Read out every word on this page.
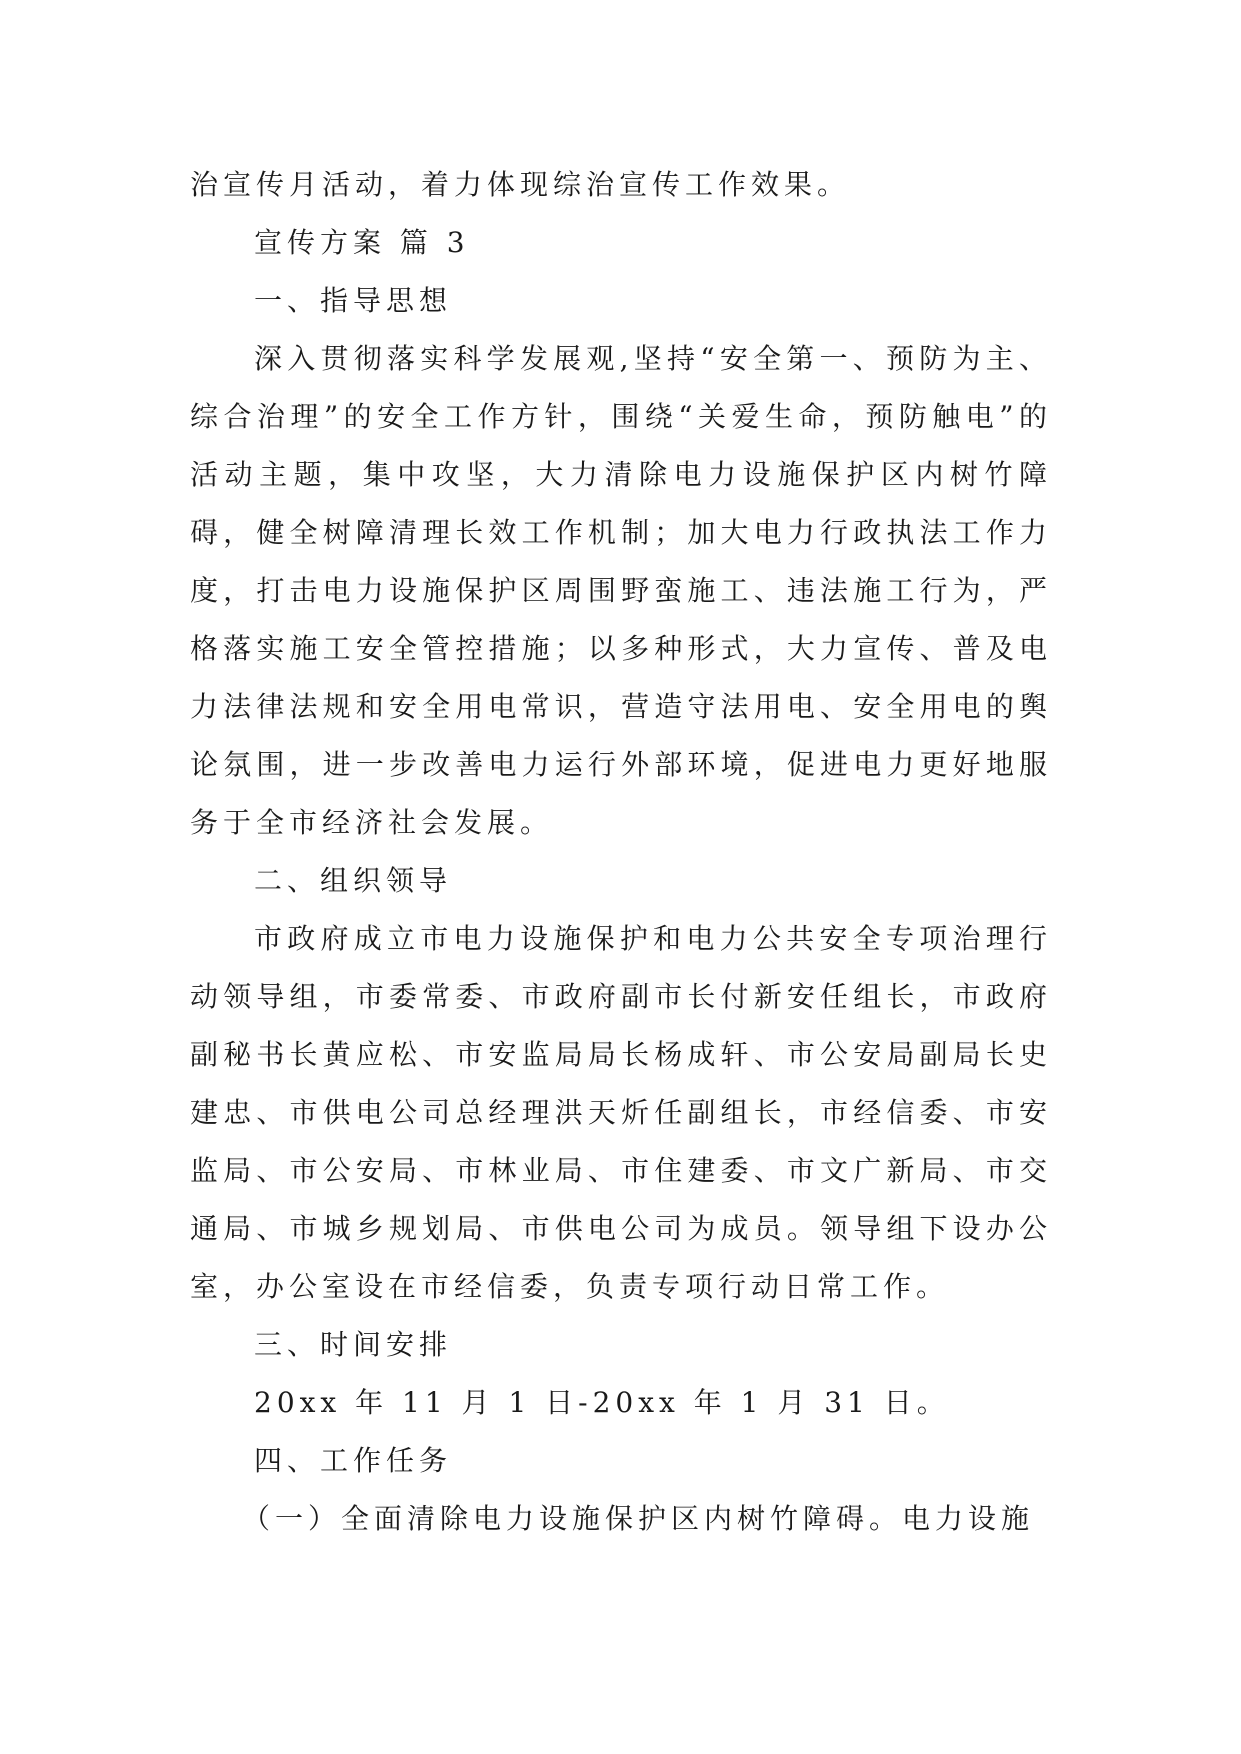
治宣传月活动，着力体现综治宣传工作效果。

宣传方案 篇 3

一、指导思想

深入贯彻落实科学发展观,坚持“安全第一、预防为主、综合治理”的安全工作方针，围绕“关爱生命，预防触电”的活动主题，集中攻坚，大力清除电力设施保护区内树竹障碍，健全树障清理长效工作机制；加大电力行政执法工作力度，打击电力设施保护区周围野蛮施工、违法施工行为，严格落实施工安全管控措施；以多种形式，大力宣传、普及电力法律法规和安全用电常识，营造守法用电、安全用电的舆论氛围，进一步改善电力运行外部环境，促进电力更好地服务于全市经济社会发展。

二、组织领导

市政府成立市电力设施保护和电力公共安全专项治理行动领导组，市委常委、市政府副市长付新安任组长，市政府副秘书长黄应松、市安监局局长杨成轩、市公安局副局长史建忠、市供电公司总经理洪天炘任副组长，市经信委、市安监局、市公安局、市林业局、市住建委、市文广新局、市交通局、市城乡规划局、市供电公司为成员。领导组下设办公室，办公室设在市经信委，负责专项行动日常工作。

三、时间安排

20xx 年 11 月 1 日-20xx 年 1 月 31 日。

四、工作任务

（一）全面清除电力设施保护区内树竹障碍。电力设施
